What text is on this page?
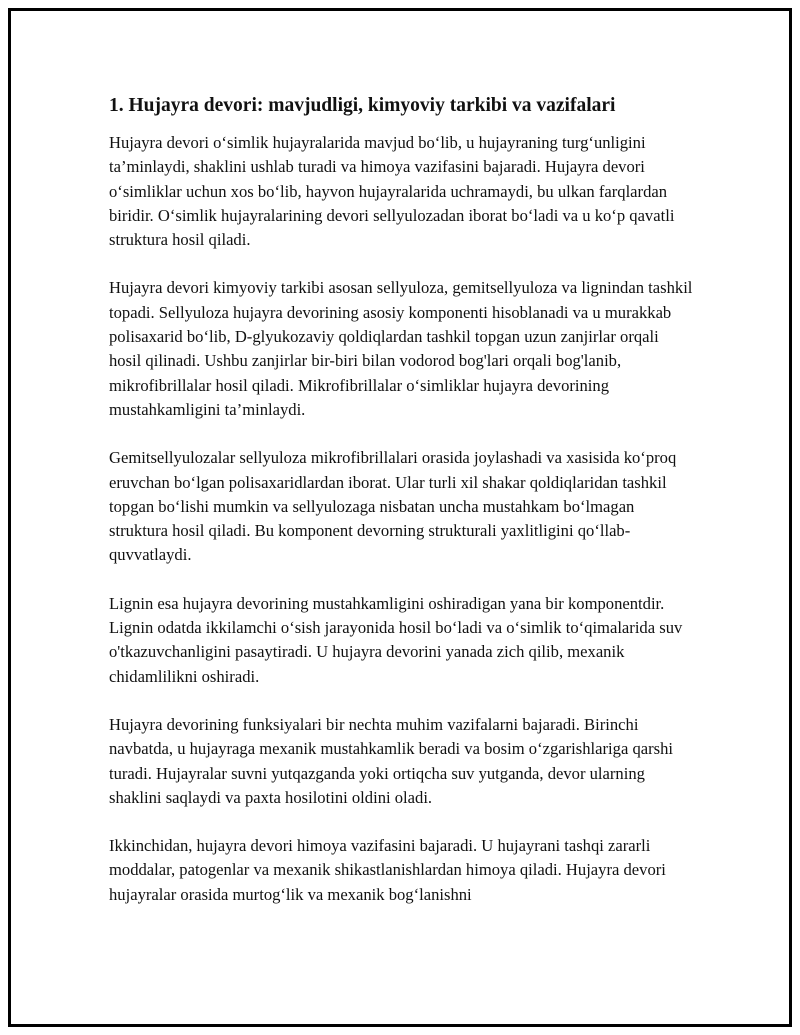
1. Hujayra devori: mavjudligi, kimyoviy tarkibi va vazifalari

Hujayra devori o‘simlik hujayralarida mavjud bo‘lib, u hujayraning turg‘unligini ta’minlaydi, shaklini ushlab turadi va himoya vazifasini bajaradi. Hujayra devori o‘simliklar uchun xos bo‘lib, hayvon hujayralarida uchramaydi, bu ulkan farqlardan biridir. O‘simlik hujayralarining devori sellyulozadan iborat bo‘ladi va u ko‘p qavatli struktura hosil qiladi.

Hujayra devori kimyoviy tarkibi asosan sellyuloza, gemitsellyuloza va lignindan tashkil topadi. Sellyuloza hujayra devorining asosiy komponenti hisoblanadi va u murakkab polisaxarid bo‘lib, D-glyukozaviy qoldiqlardan tashkil topgan uzun zanjirlar orqali hosil qilinadi. Ushbu zanjirlar bir-biri bilan vodorod bog'lari orqali bog'lanib, mikrofibrillalar hosil qiladi. Mikrofibrillalar o‘simliklar hujayra devorining mustahkamligini ta’minlaydi.

Gemitsellyulozalar sellyuloza mikrofibrillalari orasida joylashadi va xasisida ko‘proq eruvchan bo‘lgan polisaxaridlardan iborat. Ular turli xil shakar qoldiqlaridan tashkil topgan bo‘lishi mumkin va sellyulozaga nisbatan uncha mustahkam bo‘lmagan struktura hosil qiladi. Bu komponent devorning strukturali yaxlitligini qo‘llab-quvvatlaydi.

Lignin esa hujayra devorining mustahkamligini oshiradigan yana bir komponentdir. Lignin odatda ikkilamchi o‘sish jarayonida hosil bo‘ladi va o‘simlik to‘qimalarida suv o'tkazuvchanligini pasaytiradi. U hujayra devorini yanada zich qilib, mexanik chidamlilikni oshiradi.

Hujayra devorining funksiyalari bir nechta muhim vazifalarni bajaradi. Birinchi navbatda, u hujayraga mexanik mustahkamlik beradi va bosim o‘zgarishlariga qarshi turadi. Hujayralar suvni yutqazganda yoki ortiqcha suv yutganda, devor ularning shaklini saqlaydi va paxta hosilotini oldini oladi.

Ikkinchidan, hujayra devori himoya vazifasini bajaradi. U hujayrani tashqi zararli moddalar, patogenlar va mexanik shikastlanishlardan himoya qiladi. Hujayra devori hujayralar orasida murtog‘lik va mexanik bog‘lanishni
